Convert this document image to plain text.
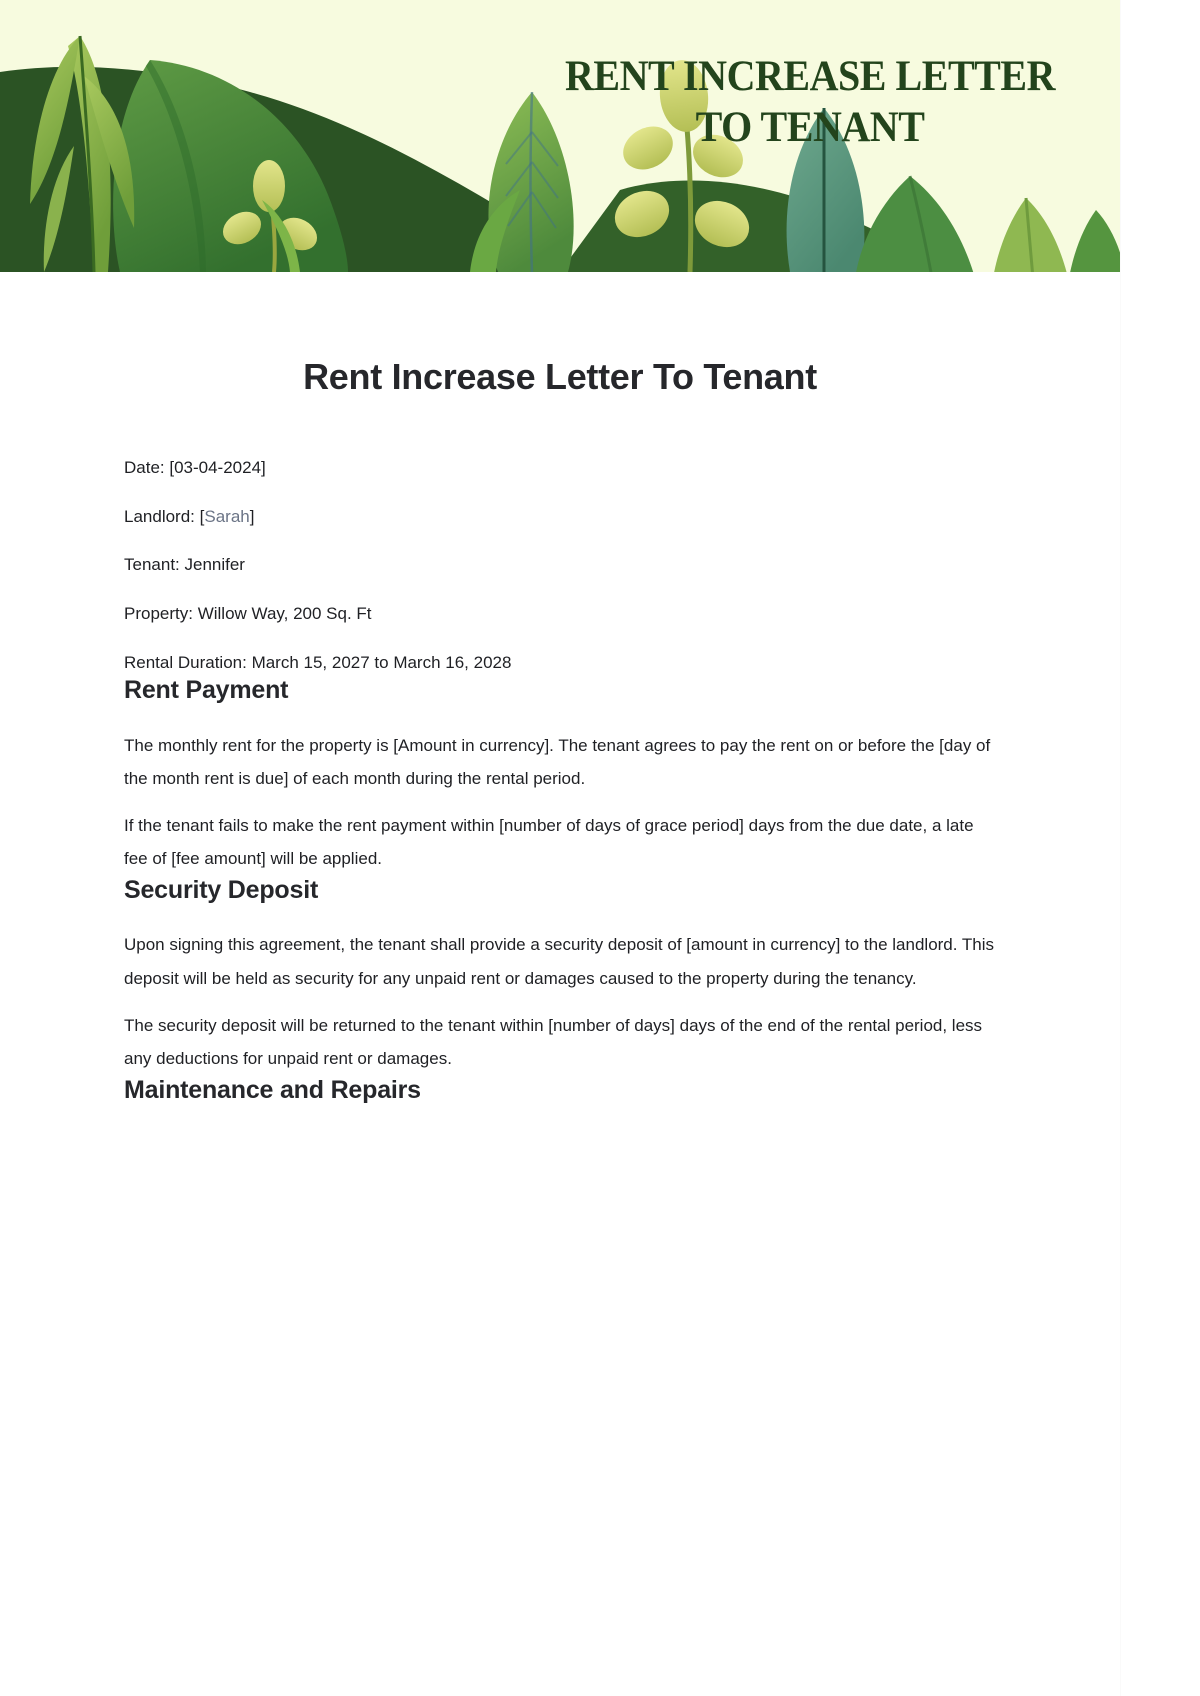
RENT INCREASE LETTER TO TENANT
Rent Increase Letter To Tenant

Date: [03-04-2024]

Landlord: [Sarah]

Tenant: Jennifer

Property: Willow Way, 200 Sq. Ft

Rental Duration: March 15, 2027 to March 16, 2028

Rent Payment

The monthly rent for the property is [Amount in currency]. The tenant agrees to pay the rent on or before the [day of the month rent is due] of each month during the rental period.

If the tenant fails to make the rent payment within [number of days of grace period] days from the due date, a late fee of [fee amount] will be applied.

Security Deposit

Upon signing this agreement, the tenant shall provide a security deposit of [amount in currency] to the landlord. This deposit will be held as security for any unpaid rent or damages caused to the property during the tenancy.

The security deposit will be returned to the tenant within [number of days] days of the end of the rental period, less any deductions for unpaid rent or damages.

Maintenance and Repairs
